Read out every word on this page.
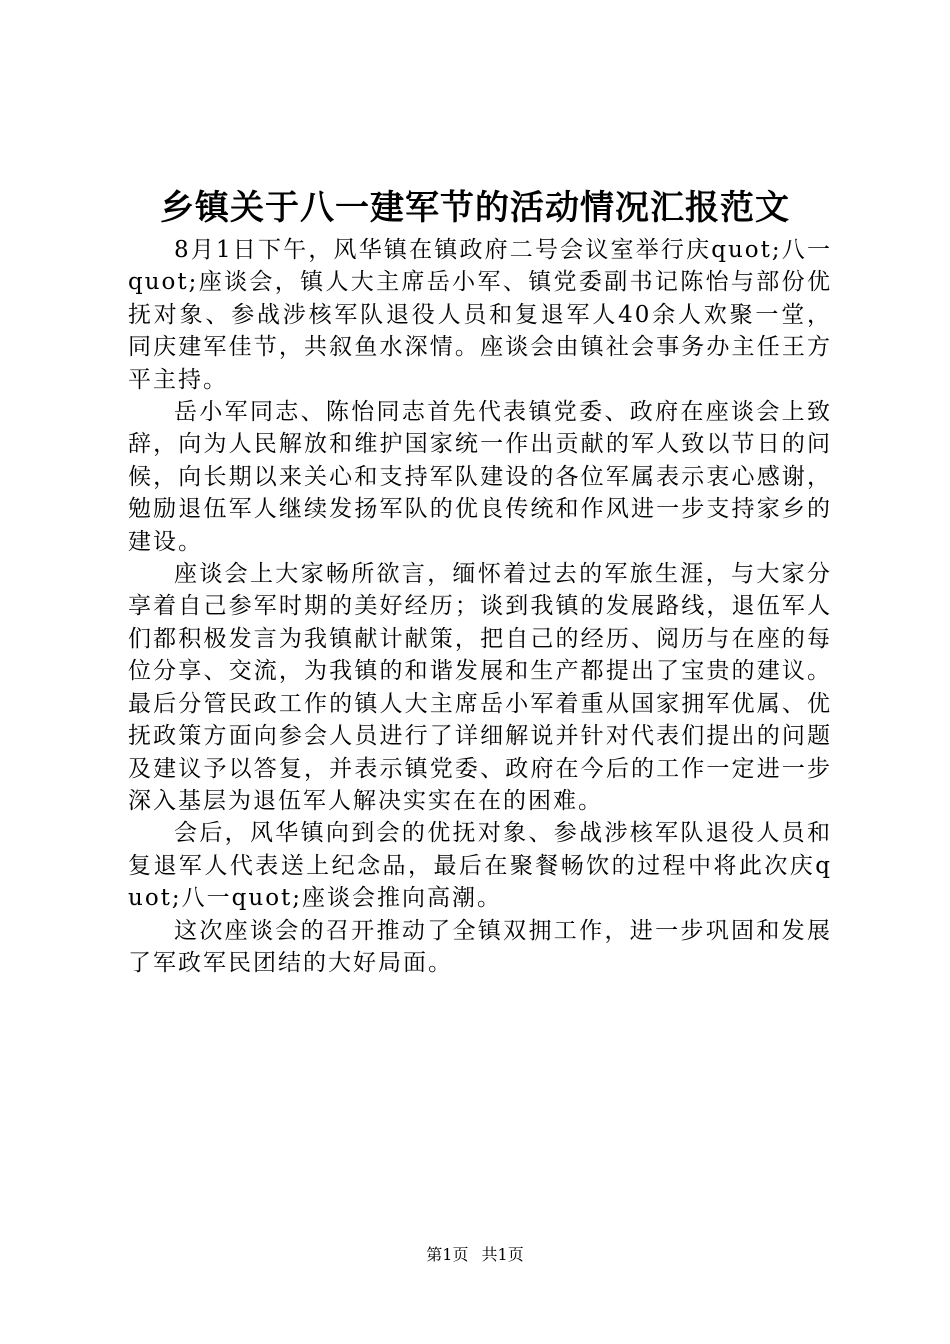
乡镇关于八一建军节的活动情况汇报范文

8月1日下午，风华镇在镇政府二号会议室举行庆quot;八一quot;座谈会，镇人大主席岳小军、镇党委副书记陈怡与部份优抚对象、参战涉核军队退役人员和复退军人40余人欢聚一堂，同庆建军佳节，共叙鱼水深情。座谈会由镇社会事务办主任王方平主持。

岳小军同志、陈怡同志首先代表镇党委、政府在座谈会上致辞，向为人民解放和维护国家统一作出贡献的军人致以节日的问候，向长期以来关心和支持军队建设的各位军属表示衷心感谢，勉励退伍军人继续发扬军队的优良传统和作风进一步支持家乡的建设。

座谈会上大家畅所欲言，缅怀着过去的军旅生涯，与大家分享着自己参军时期的美好经历；谈到我镇的发展路线，退伍军人们都积极发言为我镇献计献策，把自己的经历、阅历与在座的每位分享、交流，为我镇的和谐发展和生产都提出了宝贵的建议。最后分管民政工作的镇人大主席岳小军着重从国家拥军优属、优抚政策方面向参会人员进行了详细解说并针对代表们提出的问题及建议予以答复，并表示镇党委、政府在今后的工作一定进一步深入基层为退伍军人解决实实在在的困难。

会后，风华镇向到会的优抚对象、参战涉核军队退役人员和复退军人代表送上纪念品，最后在聚餐畅饮的过程中将此次庆quot;八一quot;座谈会推向高潮。

这次座谈会的召开推动了全镇双拥工作，进一步巩固和发展了军政军民团结的大好局面。

第1页 共1页
